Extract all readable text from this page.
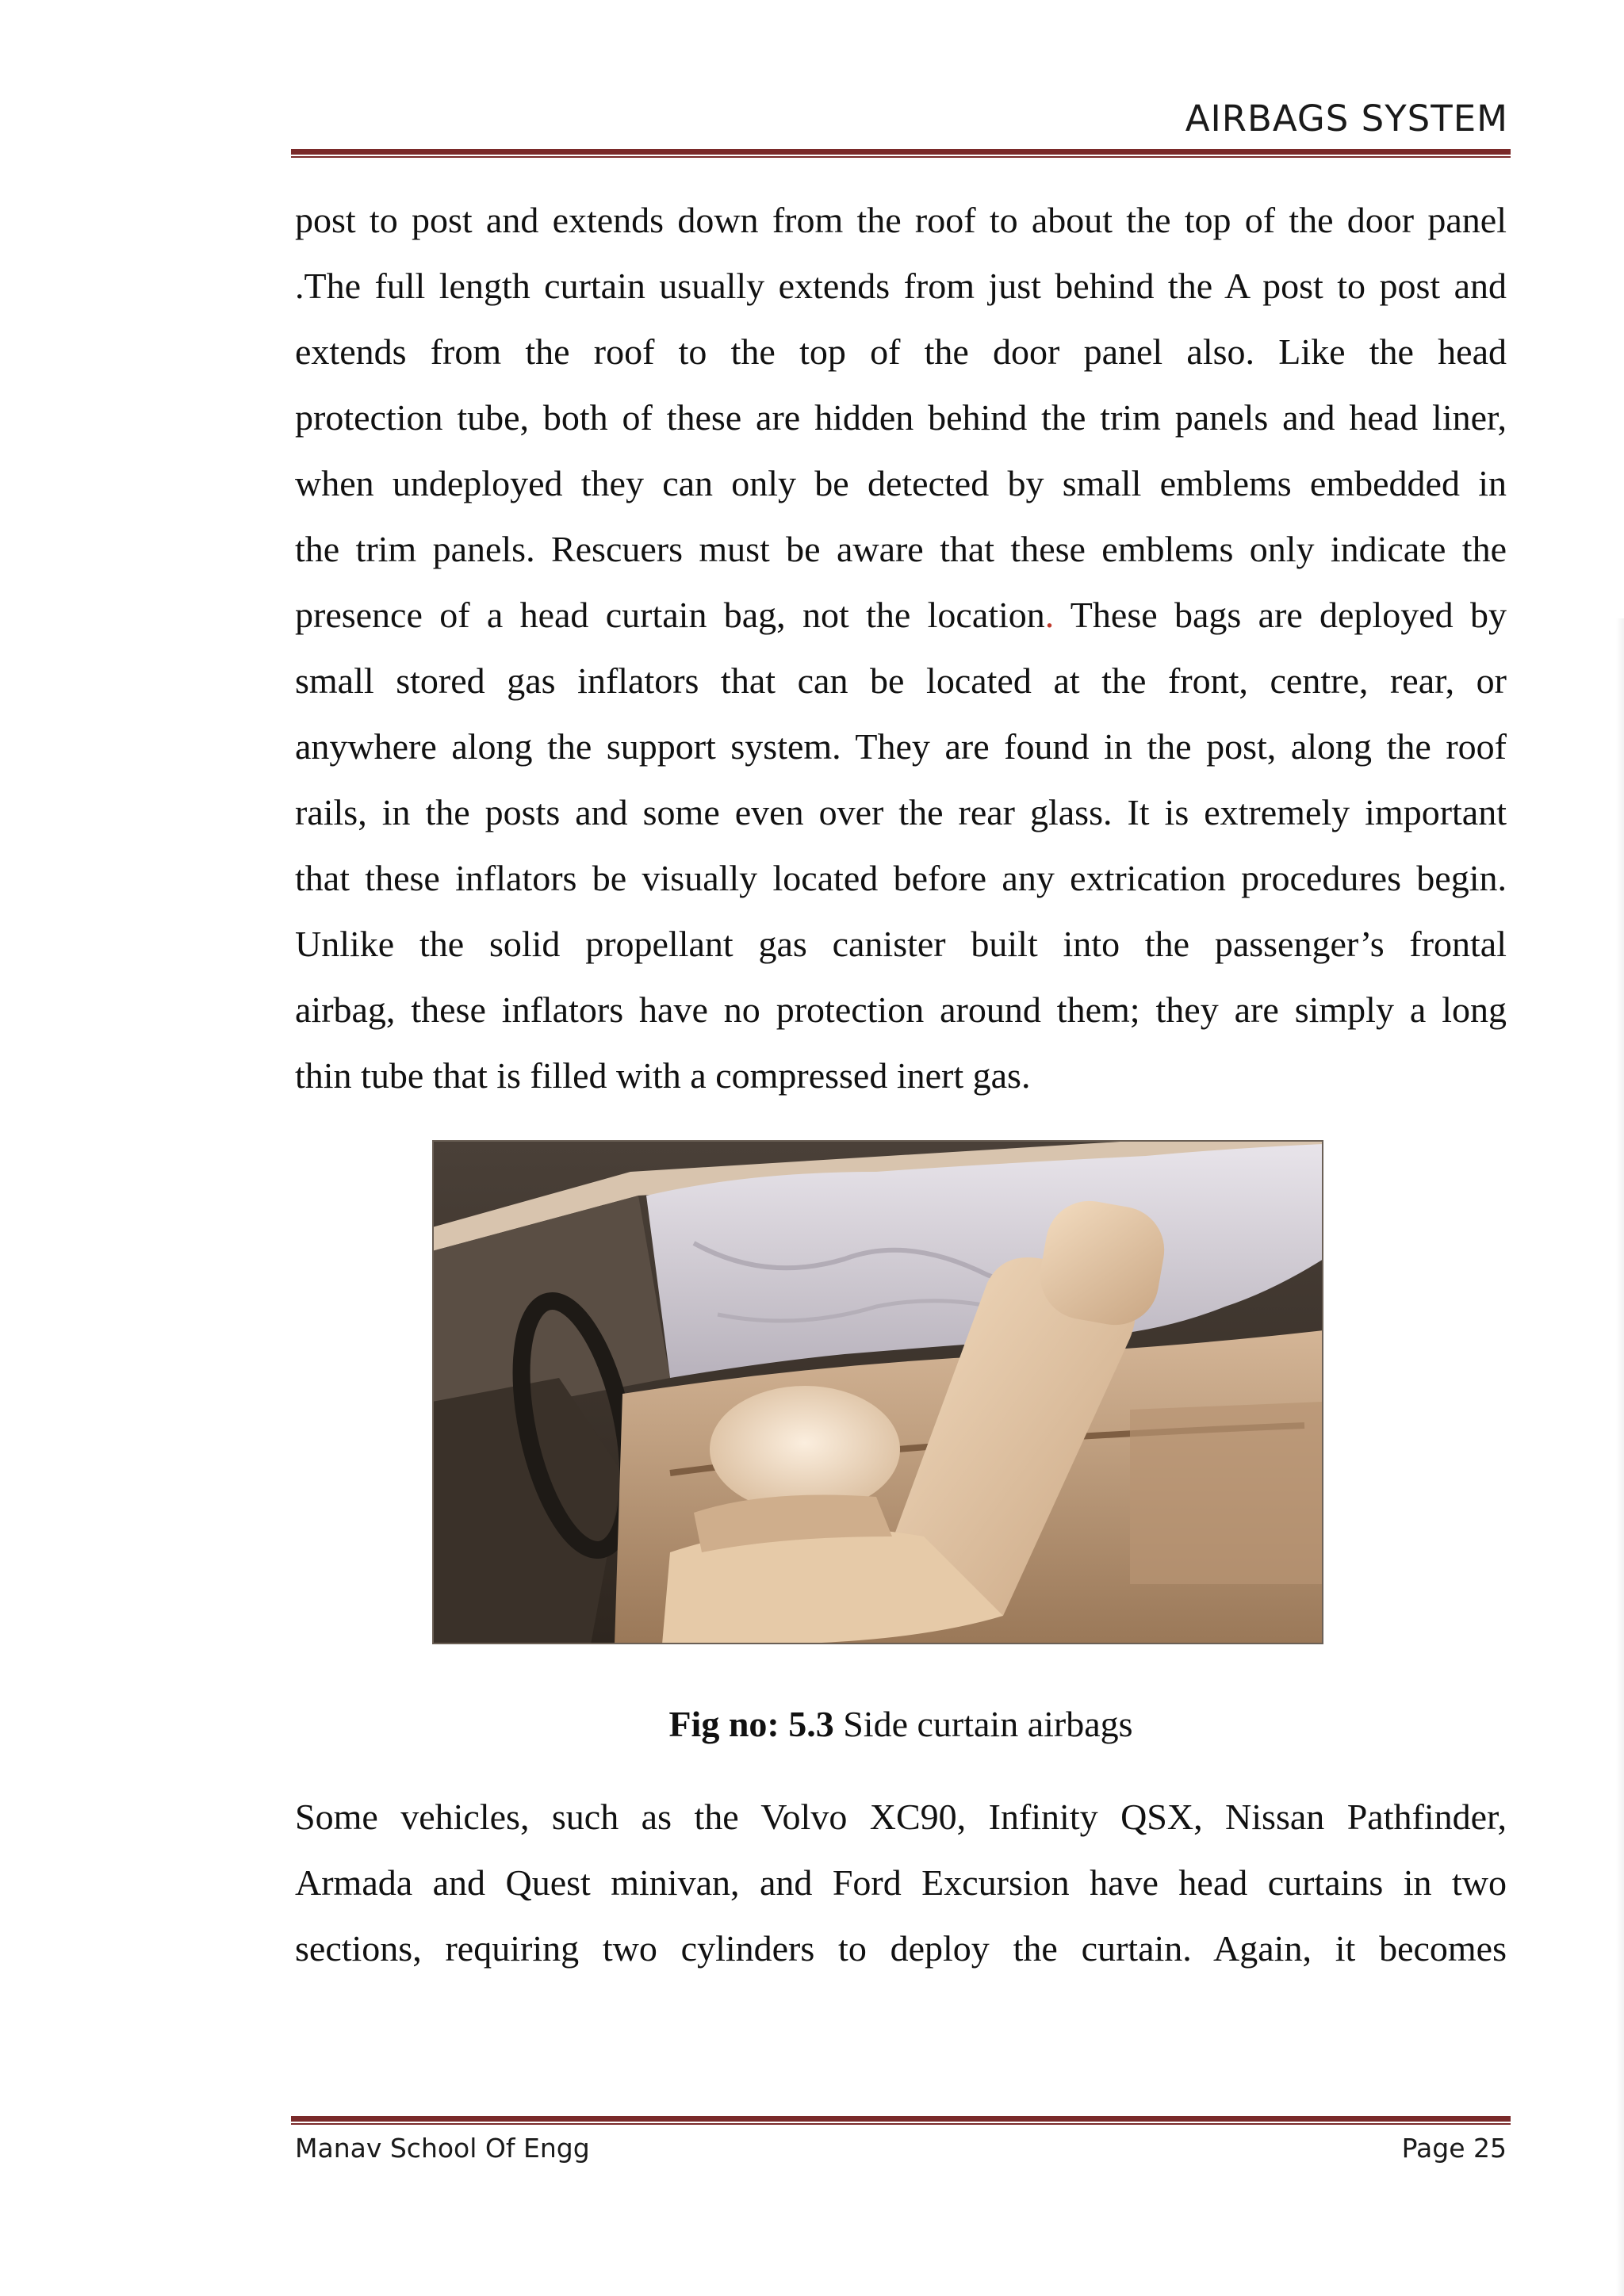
AIRBAGS SYSTEM
post to post and extends down from the roof to about the top of the door panel
.The full length curtain usually extends from just behind the A post to post and
extends from the roof to the top of the door panel also. Like the head
protection tube, both of these are hidden behind the trim panels and head liner,
when undeployed they can only be detected by small emblems embedded in
the trim panels. Rescuers must be aware that these emblems only indicate the
presence of a head curtain bag, not the location. These bags are deployed by
small stored gas inflators that can be located at the front, centre, rear, or
anywhere along the support system. They are found in the post, along the roof
rails, in the posts and some even over the rear glass. It is extremely important
that these inflators be visually located before any extrication procedures begin.
Unlike the solid propellant gas canister built into the passenger’s frontal
airbag, these inflators have no protection around them; they are simply a long
thin tube that is filled with a compressed inert gas.
Fig no: 5.3 Side curtain airbags
Some vehicles, such as the Volvo XC90, Infinity QSX, Nissan Pathfinder,
Armada and Quest minivan, and Ford Excursion have head curtains in two
sections, requiring two cylinders to deploy the curtain. Again, it becomes
Manav School Of Engg	Page 25
